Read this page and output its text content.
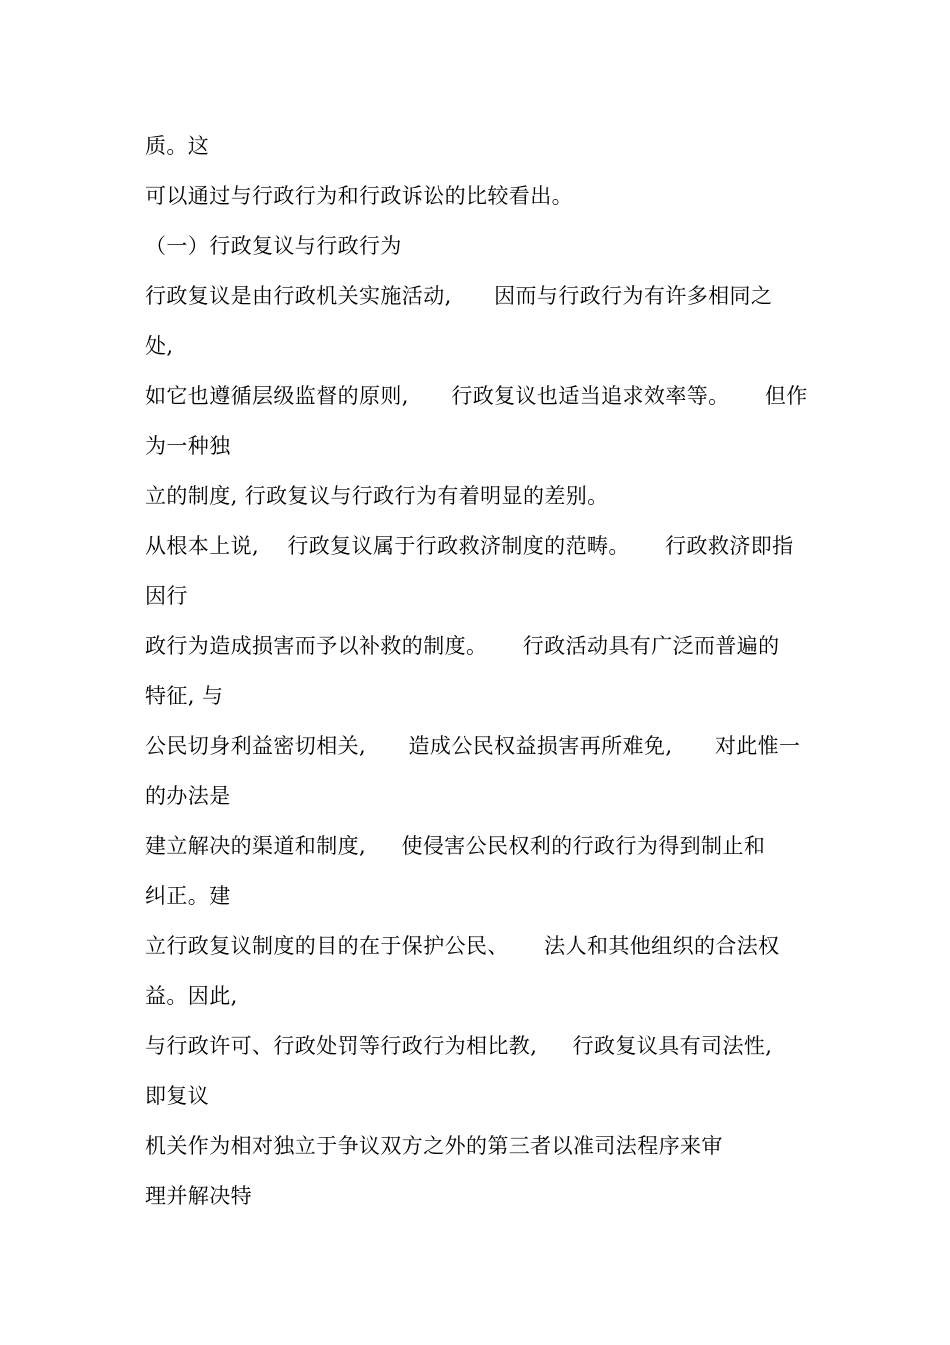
质。这
可以通过与行政行为和行政诉讼的比较看出。
（一）行政复议与行政行为
行政复议是由行政机关实施活动,      因而与行政行为有许多相同之
处,
如它也遵循层级监督的原则,      行政复议也适当追求效率等。     但作
为一种独
立的制度, 行政复议与行政行为有着明显的差别。
从根本上说,    行政复议属于行政救济制度的范畴。     行政救济即指
因行
政行为造成损害而予以补救的制度。     行政活动具有广泛而普遍的
特征, 与
公民切身利益密切相关,      造成公民权益损害再所难免,      对此惟一
的办法是
建立解决的渠道和制度,     使侵害公民权利的行政行为得到制止和
纠正。建
立行政复议制度的目的在于保护公民、     法人和其他组织的合法权
益。因此,
与行政许可、行政处罚等行政行为相比教,     行政复议具有司法性,
即复议
机关作为相对独立于争议双方之外的第三者以准司法程序来审
理并解决特
